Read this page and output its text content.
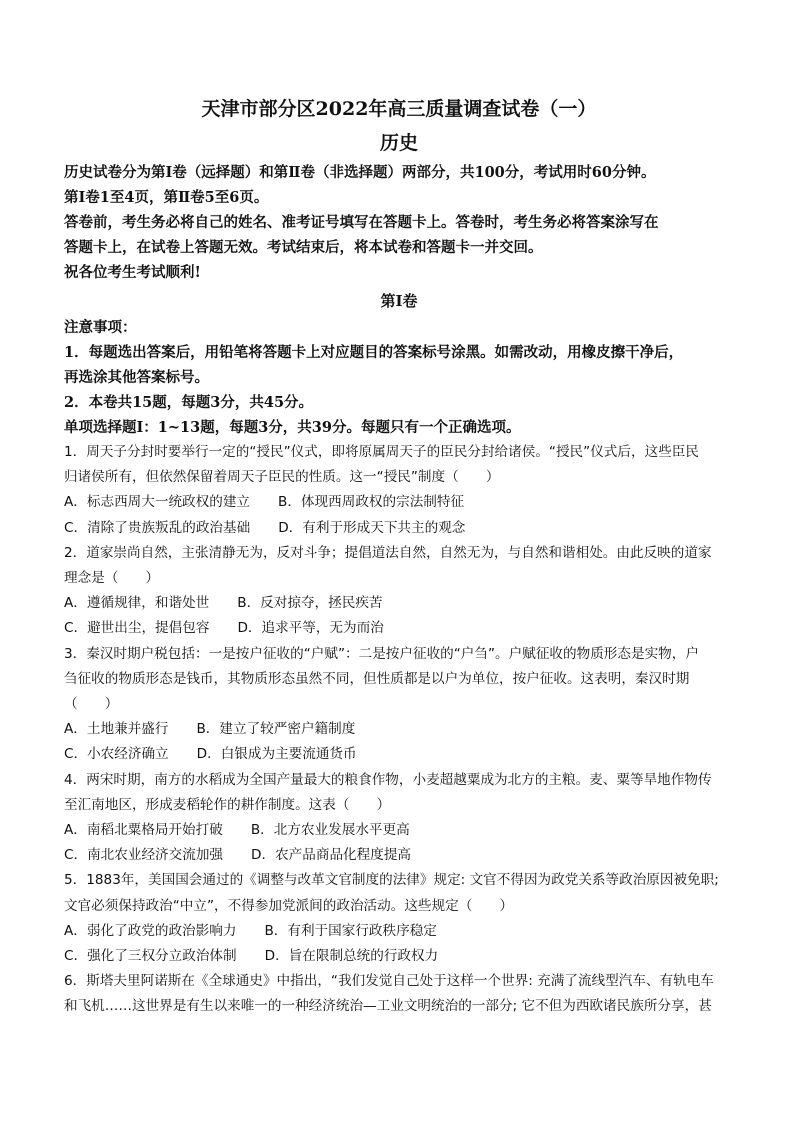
天津市部分区2022年高三质量调查试卷（一）
历史

历史试卷分为第Ⅰ卷（远择题）和第Ⅱ卷（非选择题）两部分，共100分，考试用时60分钟。

第Ⅰ卷1至4页，第Ⅱ卷5至6页。

答卷前，考生务必将自己的姓名、准考证号填写在答题卡上。答卷时，考生务必将答案涂写在

答题卡上，在试卷上答题无效。考试结束后，将本试卷和答题卡一并交回。

祝各位考生考试顺利!

第Ⅰ卷

注意事项：

1．每题选出答案后，用铅笔将答题卡上对应题目的答案标号涂黑。如需改动，用橡皮擦干净后，

再选涂其他答案标号。

2．本卷共15题，每题3分，共45分。

单项选择题Ⅰ：1~13题，每题3分，共39分。每题只有一个正确选项。

1．周天子分封时要举行一定的“授民”仪式，即将原属周天子的臣民分封给诸侯。“授民”仪式后，这些臣民

归诸侯所有，但依然保留着周天子臣民的性质。这一“授民”制度（　　）

A．标志西周大一统政权的建立 B．体现西周政权的宗法制特征
C．清除了贵族叛乱的政治基础 D．有利于形成天下共主的观念

2．道家崇尚自然，主张清静无为，反对斗争；提倡道法自然，自然无为，与自然和谐相处。由此反映的道家

理念是（　　）

A．遵循规律，和谐处世 B．反对掠夺，拯民疾苦
C．避世出尘，提倡包容 D．追求平等，无为而治

3．秦汉时期户税包括：一是按户征收的“户赋”：二是按户征收的“户刍”。户赋征收的物质形态是实物，户

刍征收的物质形态是钱币，其物质形态虽然不同，但性质都是以户为单位，按户征收。这表明，秦汉时期

（　　）

A．土地兼并盛行 B．建立了较严密户籍制度
C．小农经济确立 D．白银成为主要流通货币

4．两宋时期，南方的水稻成为全国产量最大的粮食作物，小麦超越粟成为北方的主粮。麦、粟等旱地作物传

至汇南地区，形成麦稻轮作的耕作制度。这表（　　）

A．南稻北粟格局开始打破 B．北方农业发展水平更高
C．南北农业经济交流加强 D．农产品商品化程度提高

5．1883年，美国国会通过的《调整与改革文官制度的法律》规定: 文官不得因为政党关系等政治原因被免职;

文官必须保持政治“中立”，不得参加党派间的政治活动。这些规定（　　）

A．弱化了政党的政治影响力 B．有利于国家行政秩序稳定
C．强化了三权分立政治体制 D．旨在限制总统的行政权力

6．斯塔夫里阿诺斯在《全球通史》中指出，“我们发觉自己处于这样一个世界: 充满了流线型汽车、有轨电车

和飞机……这世界是有生以来唯一的一种经济统治—工业文明统治的一部分; 它不但为西欧诸民族所分享，甚
